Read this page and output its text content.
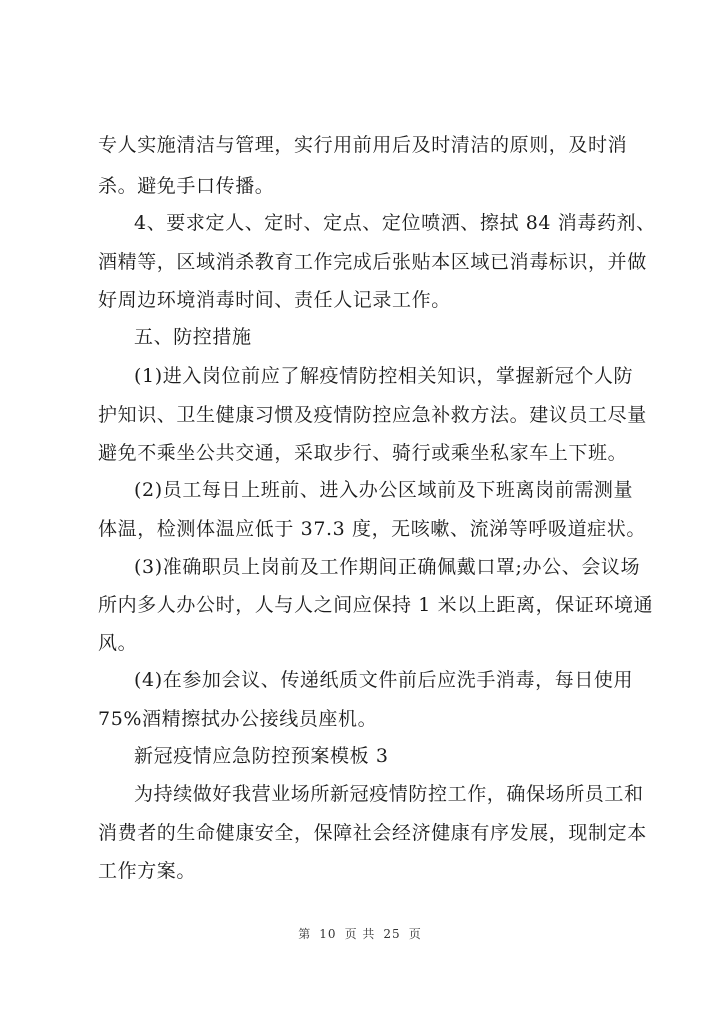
专人实施清洁与管理，实行用前用后及时清洁的原则，及时消
杀。避免手口传播。
4、要求定人、定时、定点、定位喷洒、擦拭 84 消毒药剂、
酒精等，区域消杀教育工作完成后张贴本区域已消毒标识，并做
好周边环境消毒时间、责任人记录工作。
五、防控措施
(1)进入岗位前应了解疫情防控相关知识，掌握新冠个人防
护知识、卫生健康习惯及疫情防控应急补救方法。建议员工尽量
避免不乘坐公共交通，采取步行、骑行或乘坐私家车上下班。
(2)员工每日上班前、进入办公区域前及下班离岗前需测量
体温，检测体温应低于 37.3 度，无咳嗽、流涕等呼吸道症状。
(3)准确职员上岗前及工作期间正确佩戴口罩;办公、会议场
所内多人办公时，人与人之间应保持 1 米以上距离，保证环境通
风。
(4)在参加会议、传递纸质文件前后应洗手消毒，每日使用
75%酒精擦拭办公接线员座机。
新冠疫情应急防控预案模板 3
为持续做好我营业场所新冠疫情防控工作，确保场所员工和
消费者的生命健康安全，保障社会经济健康有序发展，现制定本
工作方案。
第 10 页 共 25 页
